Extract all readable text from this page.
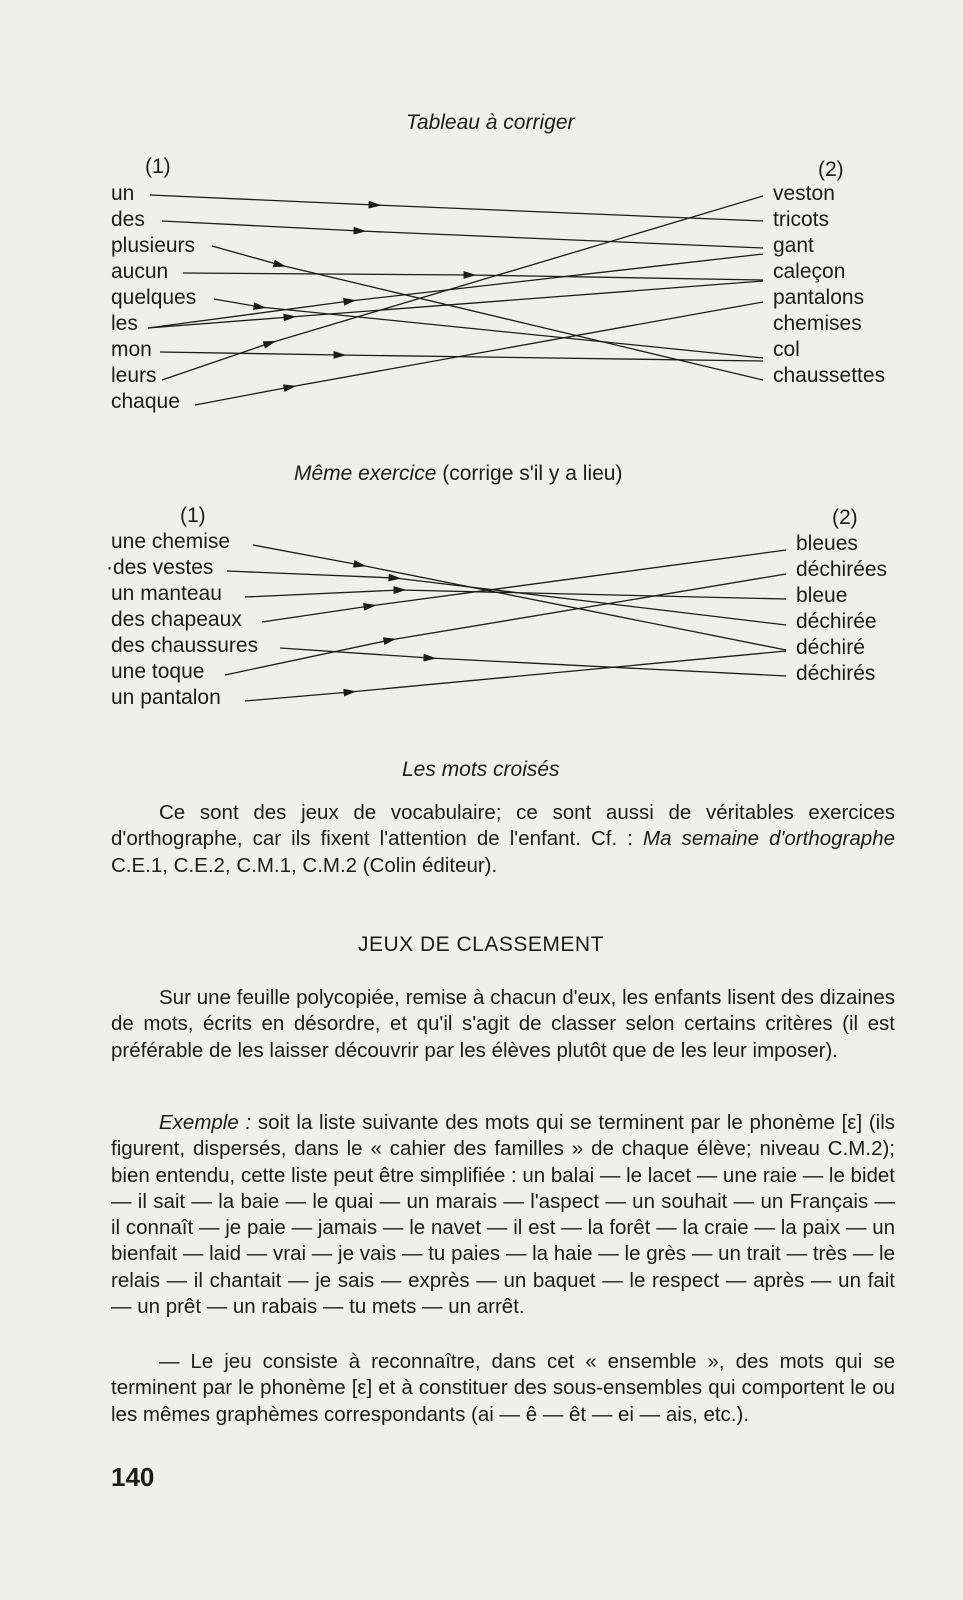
Tableau à corriger
(1)	(2)
un
des
plusieurs
aucun
quelques
les
mon
leurs
chaque
veston
tricots
gant
caleçon
pantalons
chemises
col
chaussettes
Même exercice (corrige s'il y a lieu)
(1)	(2)
une chemise
·des vestes
un manteau
des chapeaux
des chaussures
une toque
un pantalon
bleues
déchirées
bleue
déchirée
déchiré
déchirés
Les mots croisés

Ce sont des jeux de vocabulaire; ce sont aussi de véritables exercices d'orthographe, car ils fixent l'attention de l'enfant. Cf. : Ma semaine d'orthographe C.E.1, C.E.2, C.M.1, C.M.2 (Colin éditeur).

JEUX DE CLASSEMENT

Sur une feuille polycopiée, remise à chacun d'eux, les enfants lisent des dizaines de mots, écrits en désordre, et qu'il s'agit de classer selon certains critères (il est préférable de les laisser découvrir par les élèves plutôt que de les leur imposer).

Exemple : soit la liste suivante des mots qui se terminent par le phonème [ε] (ils figurent, dispersés, dans le « cahier des familles » de chaque élève; niveau C.M.2); bien entendu, cette liste peut être simplifiée : un balai — le lacet — une raie — le bidet — il sait — la baie — le quai — un marais — l'aspect — un souhait — un Français — il connaît — je paie — jamais — le navet — il est — la forêt — la craie — la paix — un bienfait — laid — vrai — je vais — tu paies — la haie — le grès — un trait — très — le relais — il chantait — je sais — exprès — un baquet — le respect — après — un fait — un prêt — un rabais — tu mets — un arrêt.

— Le jeu consiste à reconnaître, dans cet « ensemble », des mots qui se terminent par le phonème [ε] et à constituer des sous-ensembles qui comportent le ou les mêmes graphèmes correspondants (ai — ê — êt — ei — ais, etc.).

140
